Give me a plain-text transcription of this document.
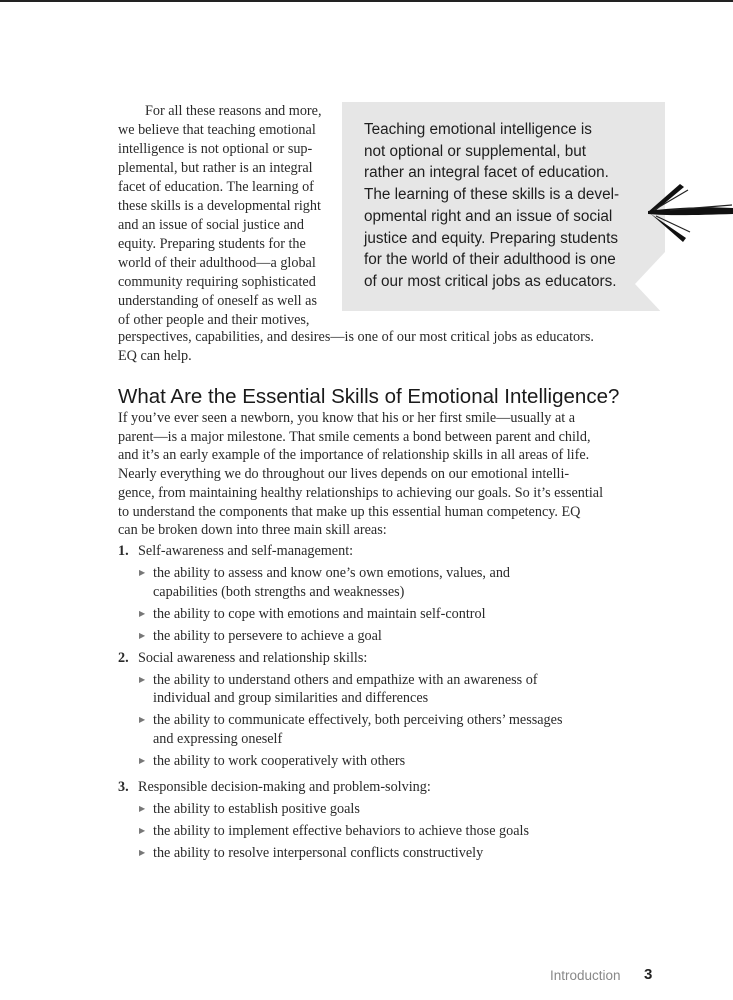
For all these reasons and more,
we believe that teaching emotional
intelligence is not optional or sup-
plemental, but rather is an integral
facet of education. The learning of
these skills is a developmental right
and an issue of social justice and
equity. Preparing students for the
world of their adulthood—a global
community requiring sophisticated
understanding of oneself as well as
of other people and their motives,
Teaching emotional intelligence is
not optional or supplemental, but
rather an integral facet of education.
The learning of these skills is a devel-
opmental right and an issue of social
justice and equity. Preparing students
for the world of their adulthood is one
of our most critical jobs as educators.
perspectives, capabilities, and desires—is one of our most critical jobs as educators.
EQ can help.
What Are the Essential Skills of Emotional Intelligence?
If you’ve ever seen a newborn, you know that his or her first smile—usually at a
parent—is a major milestone. That smile cements a bond between parent and child,
and it’s an early example of the importance of relationship skills in all areas of life.
Nearly everything we do throughout our lives depends on our emotional intelli-
gence, from maintaining healthy relationships to achieving our goals. So it’s essential
to understand the components that make up this essential human competency. EQ
can be broken down into three main skill areas:
1. Self-awareness and self-management:
▶ the ability to assess and know one’s own emotions, values, and
capabilities (both strengths and weaknesses)
▶ the ability to cope with emotions and maintain self-control
▶ the ability to persevere to achieve a goal
2. Social awareness and relationship skills:
▶ the ability to understand others and empathize with an awareness of
individual and group similarities and differences
▶ the ability to communicate effectively, both perceiving others’ messages
and expressing oneself
▶ the ability to work cooperatively with others
3. Responsible decision-making and problem-solving:
▶ the ability to establish positive goals
▶ the ability to implement effective behaviors to achieve those goals
▶ the ability to resolve interpersonal conflicts constructively
Introduction 3
